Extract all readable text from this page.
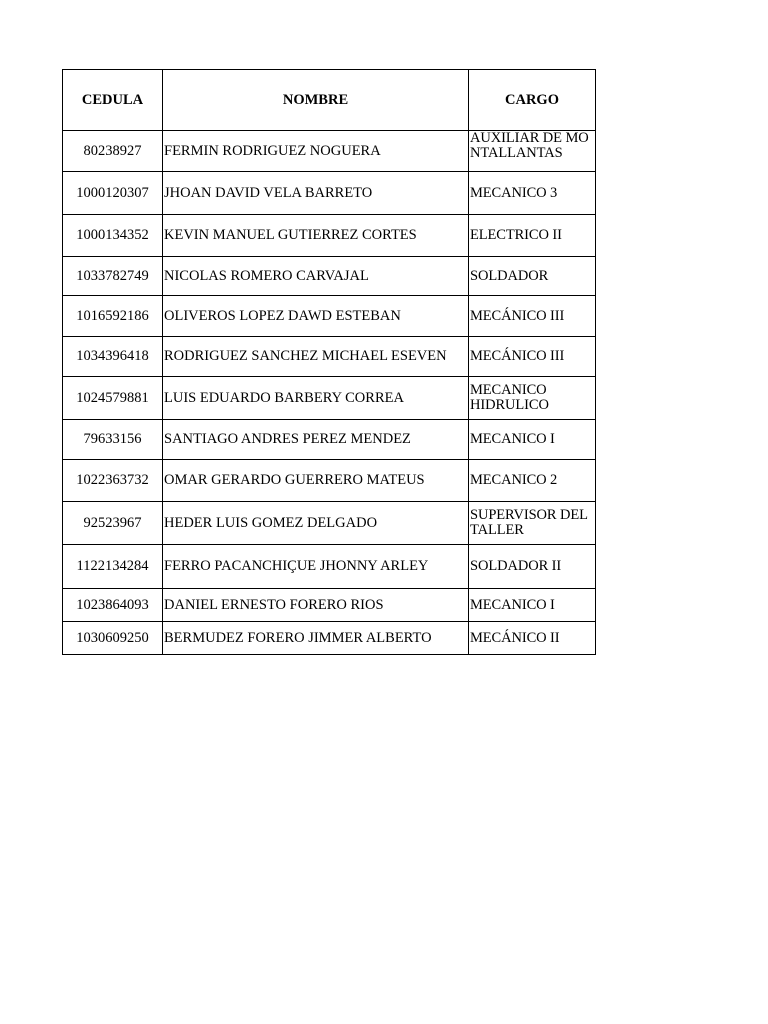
CEDULA	NOMBRE	CARGO
80238927	FERMIN RODRIGUEZ NOGUERA	AUXILIAR DE MONTALLANTAS

1000120307	JHOAN DAVID VELA BARRETO	MECANICO 3
1000134352	KEVIN MANUEL GUTIERREZ CORTES	ELECTRICO II
1033782749	NICOLAS ROMERO CARVAJAL	SOLDADOR
1016592186	OLIVEROS LOPEZ DAWD ESTEBAN	MECÁNICO III
1034396418	RODRIGUEZ SANCHEZ MICHAEL ESEVEN	MECÁNICO III
1024579881	LUIS EDUARDO BARBERY CORREA	MECANICO HIDRULICO
79633156	SANTIAGO ANDRES PEREZ MENDEZ	MECANICO I
1022363732	OMAR GERARDO GUERRERO MATEUS	MECANICO 2
92523967	HEDER LUIS GOMEZ DELGADO	SUPERVISOR DEL TALLER
1122134284	FERRO PACANCHIÇUE JHONNY ARLEY	SOLDADOR II
1023864093	DANIEL ERNESTO FORERO RIOS	MECANICO I
1030609250	BERMUDEZ FORERO JIMMER ALBERTO	MECÁNICO II
